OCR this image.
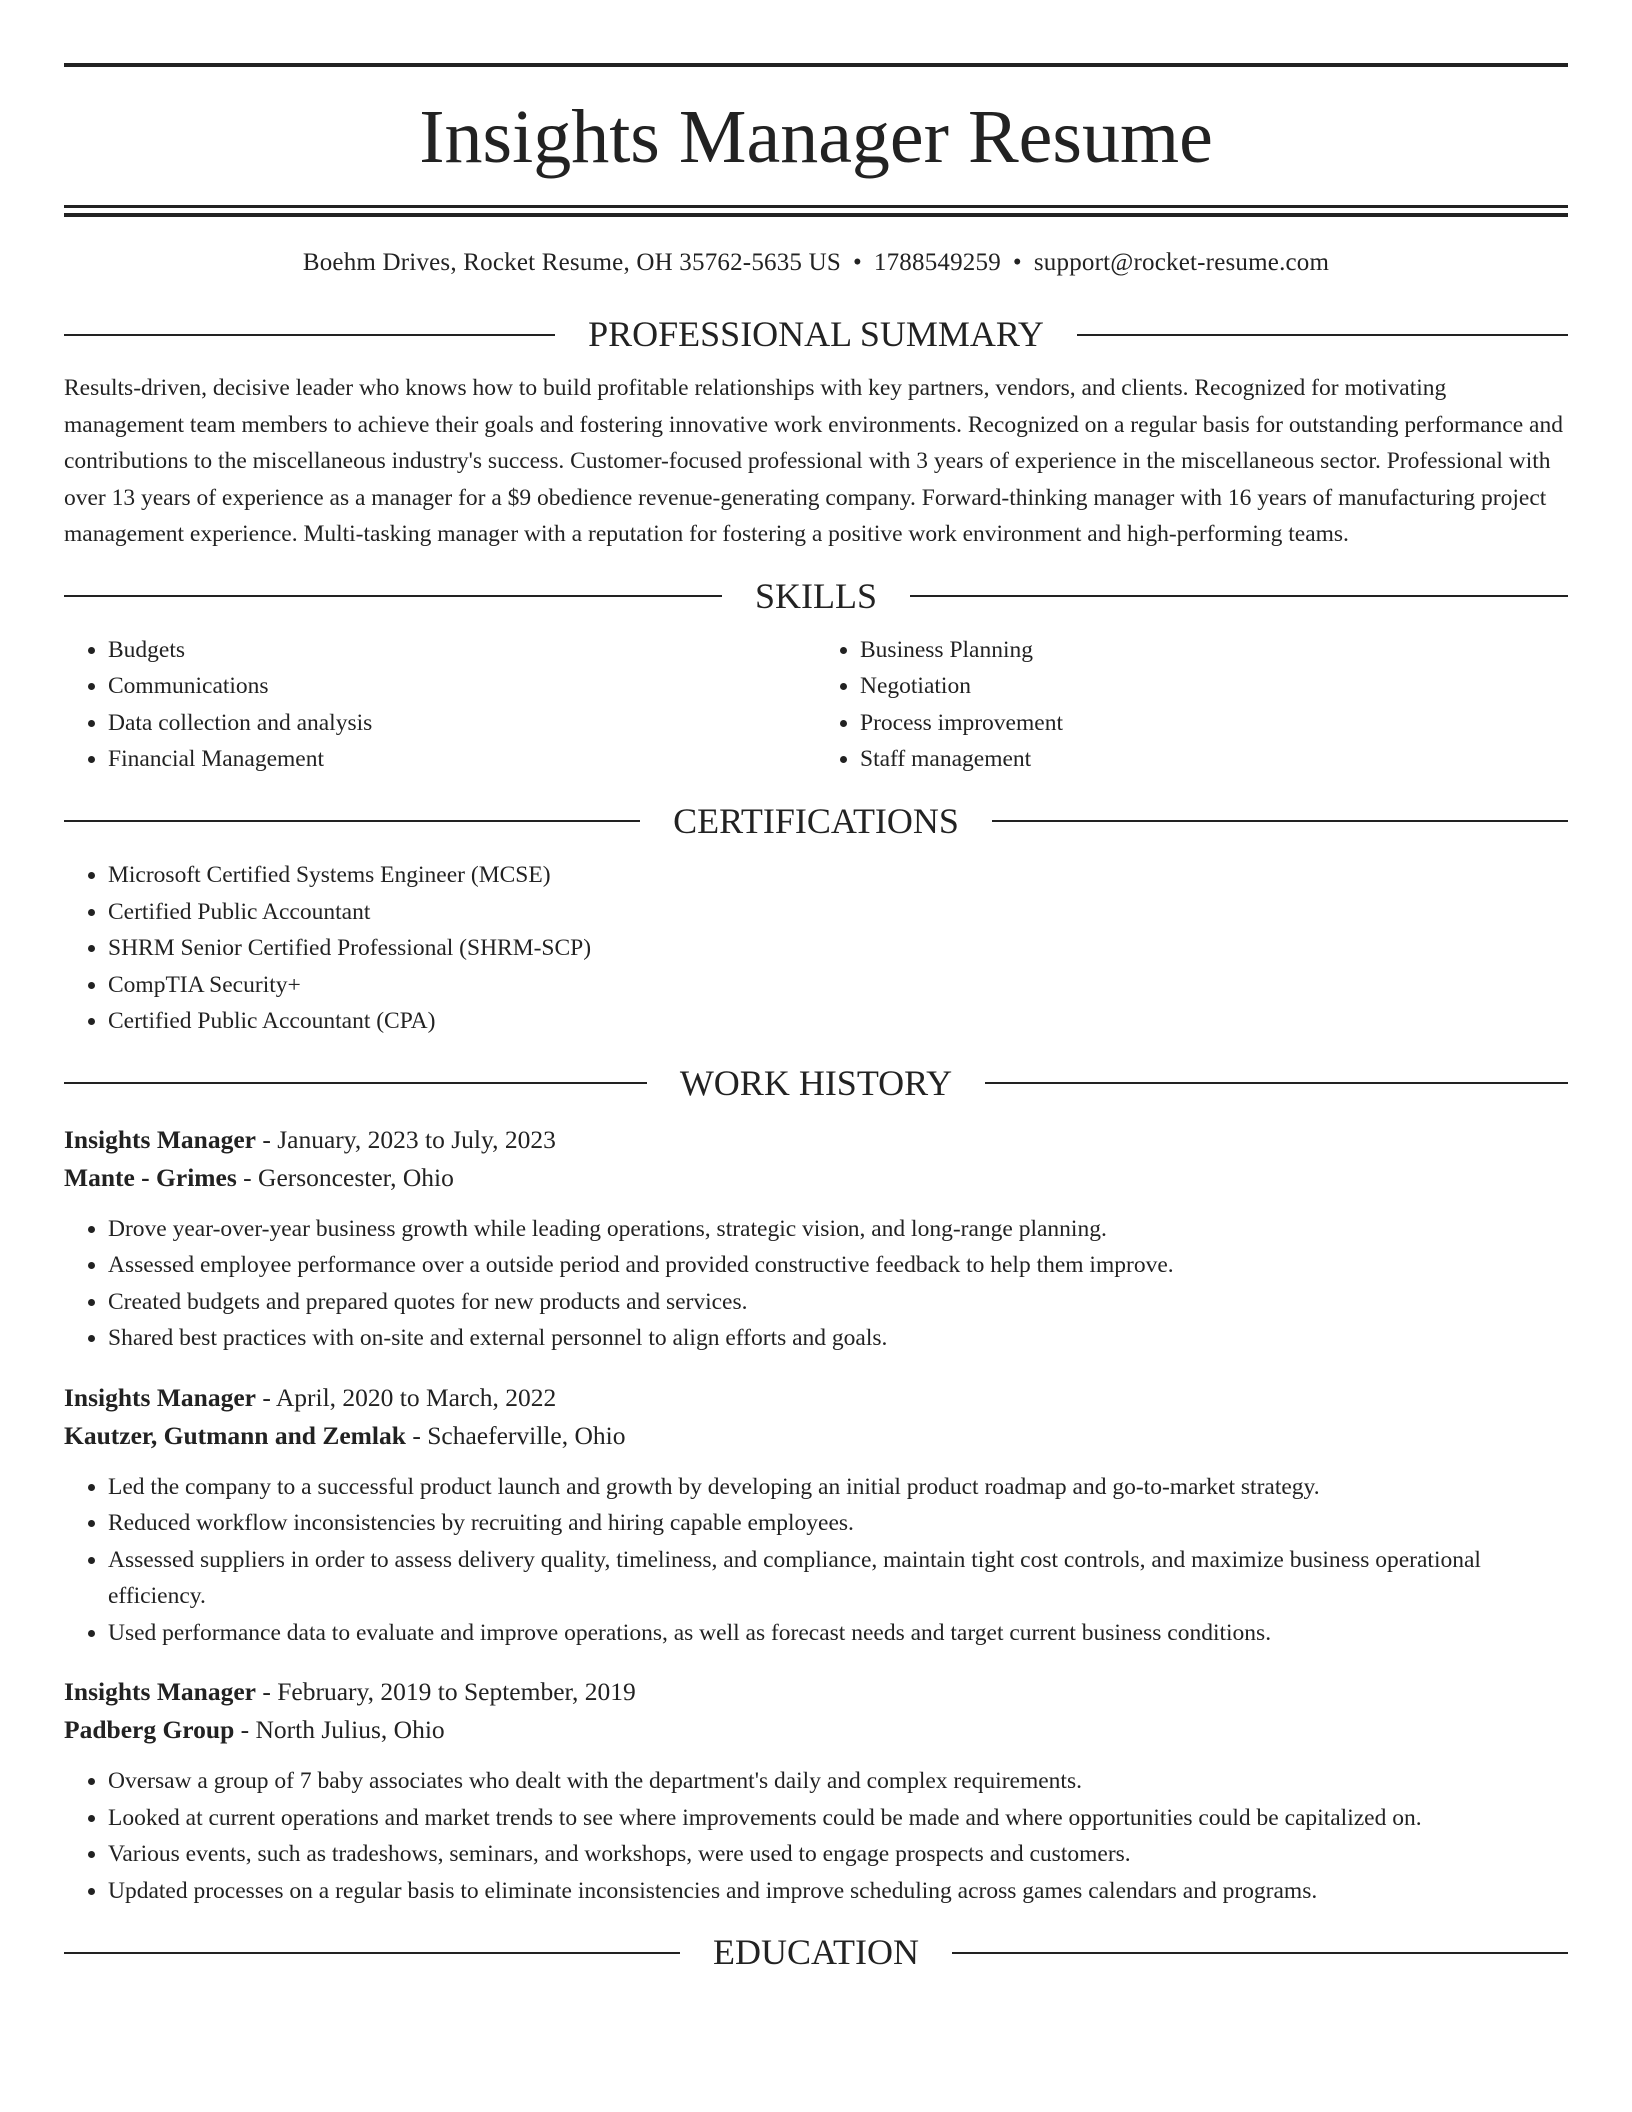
Insights Manager Resume
Boehm Drives, Rocket Resume, OH 35762-5635 US • 1788549259 • support@rocket-resume.com
PROFESSIONAL SUMMARY
Results-driven, decisive leader who knows how to build profitable relationships with key partners, vendors, and clients. Recognized for motivating management team members to achieve their goals and fostering innovative work environments. Recognized on a regular basis for outstanding performance and contributions to the miscellaneous industry's success. Customer-focused professional with 3 years of experience in the miscellaneous sector. Professional with over 13 years of experience as a manager for a $9 obedience revenue-generating company. Forward-thinking manager with 16 years of manufacturing project management experience. Multi-tasking manager with a reputation for fostering a positive work environment and high-performing teams.
SKILLS
• Budgets
• Communications
• Data collection and analysis
• Financial Management
• Business Planning
• Negotiation
• Process improvement
• Staff management
CERTIFICATIONS
• Microsoft Certified Systems Engineer (MCSE)
• Certified Public Accountant
• SHRM Senior Certified Professional (SHRM-SCP)
• CompTIA Security+
• Certified Public Accountant (CPA)
WORK HISTORY
Insights Manager - January, 2023 to July, 2023
Mante - Grimes - Gersoncester, Ohio
• Drove year-over-year business growth while leading operations, strategic vision, and long-range planning.
• Assessed employee performance over a outside period and provided constructive feedback to help them improve.
• Created budgets and prepared quotes for new products and services.
• Shared best practices with on-site and external personnel to align efforts and goals.
Insights Manager - April, 2020 to March, 2022
Kautzer, Gutmann and Zemlak - Schaeferville, Ohio
• Led the company to a successful product launch and growth by developing an initial product roadmap and go-to-market strategy.
• Reduced workflow inconsistencies by recruiting and hiring capable employees.
• Assessed suppliers in order to assess delivery quality, timeliness, and compliance, maintain tight cost controls, and maximize business operational efficiency.
• Used performance data to evaluate and improve operations, as well as forecast needs and target current business conditions.
Insights Manager - February, 2019 to September, 2019
Padberg Group - North Julius, Ohio
• Oversaw a group of 7 baby associates who dealt with the department's daily and complex requirements.
• Looked at current operations and market trends to see where improvements could be made and where opportunities could be capitalized on.
• Various events, such as tradeshows, seminars, and workshops, were used to engage prospects and customers.
• Updated processes on a regular basis to eliminate inconsistencies and improve scheduling across games calendars and programs.
EDUCATION
